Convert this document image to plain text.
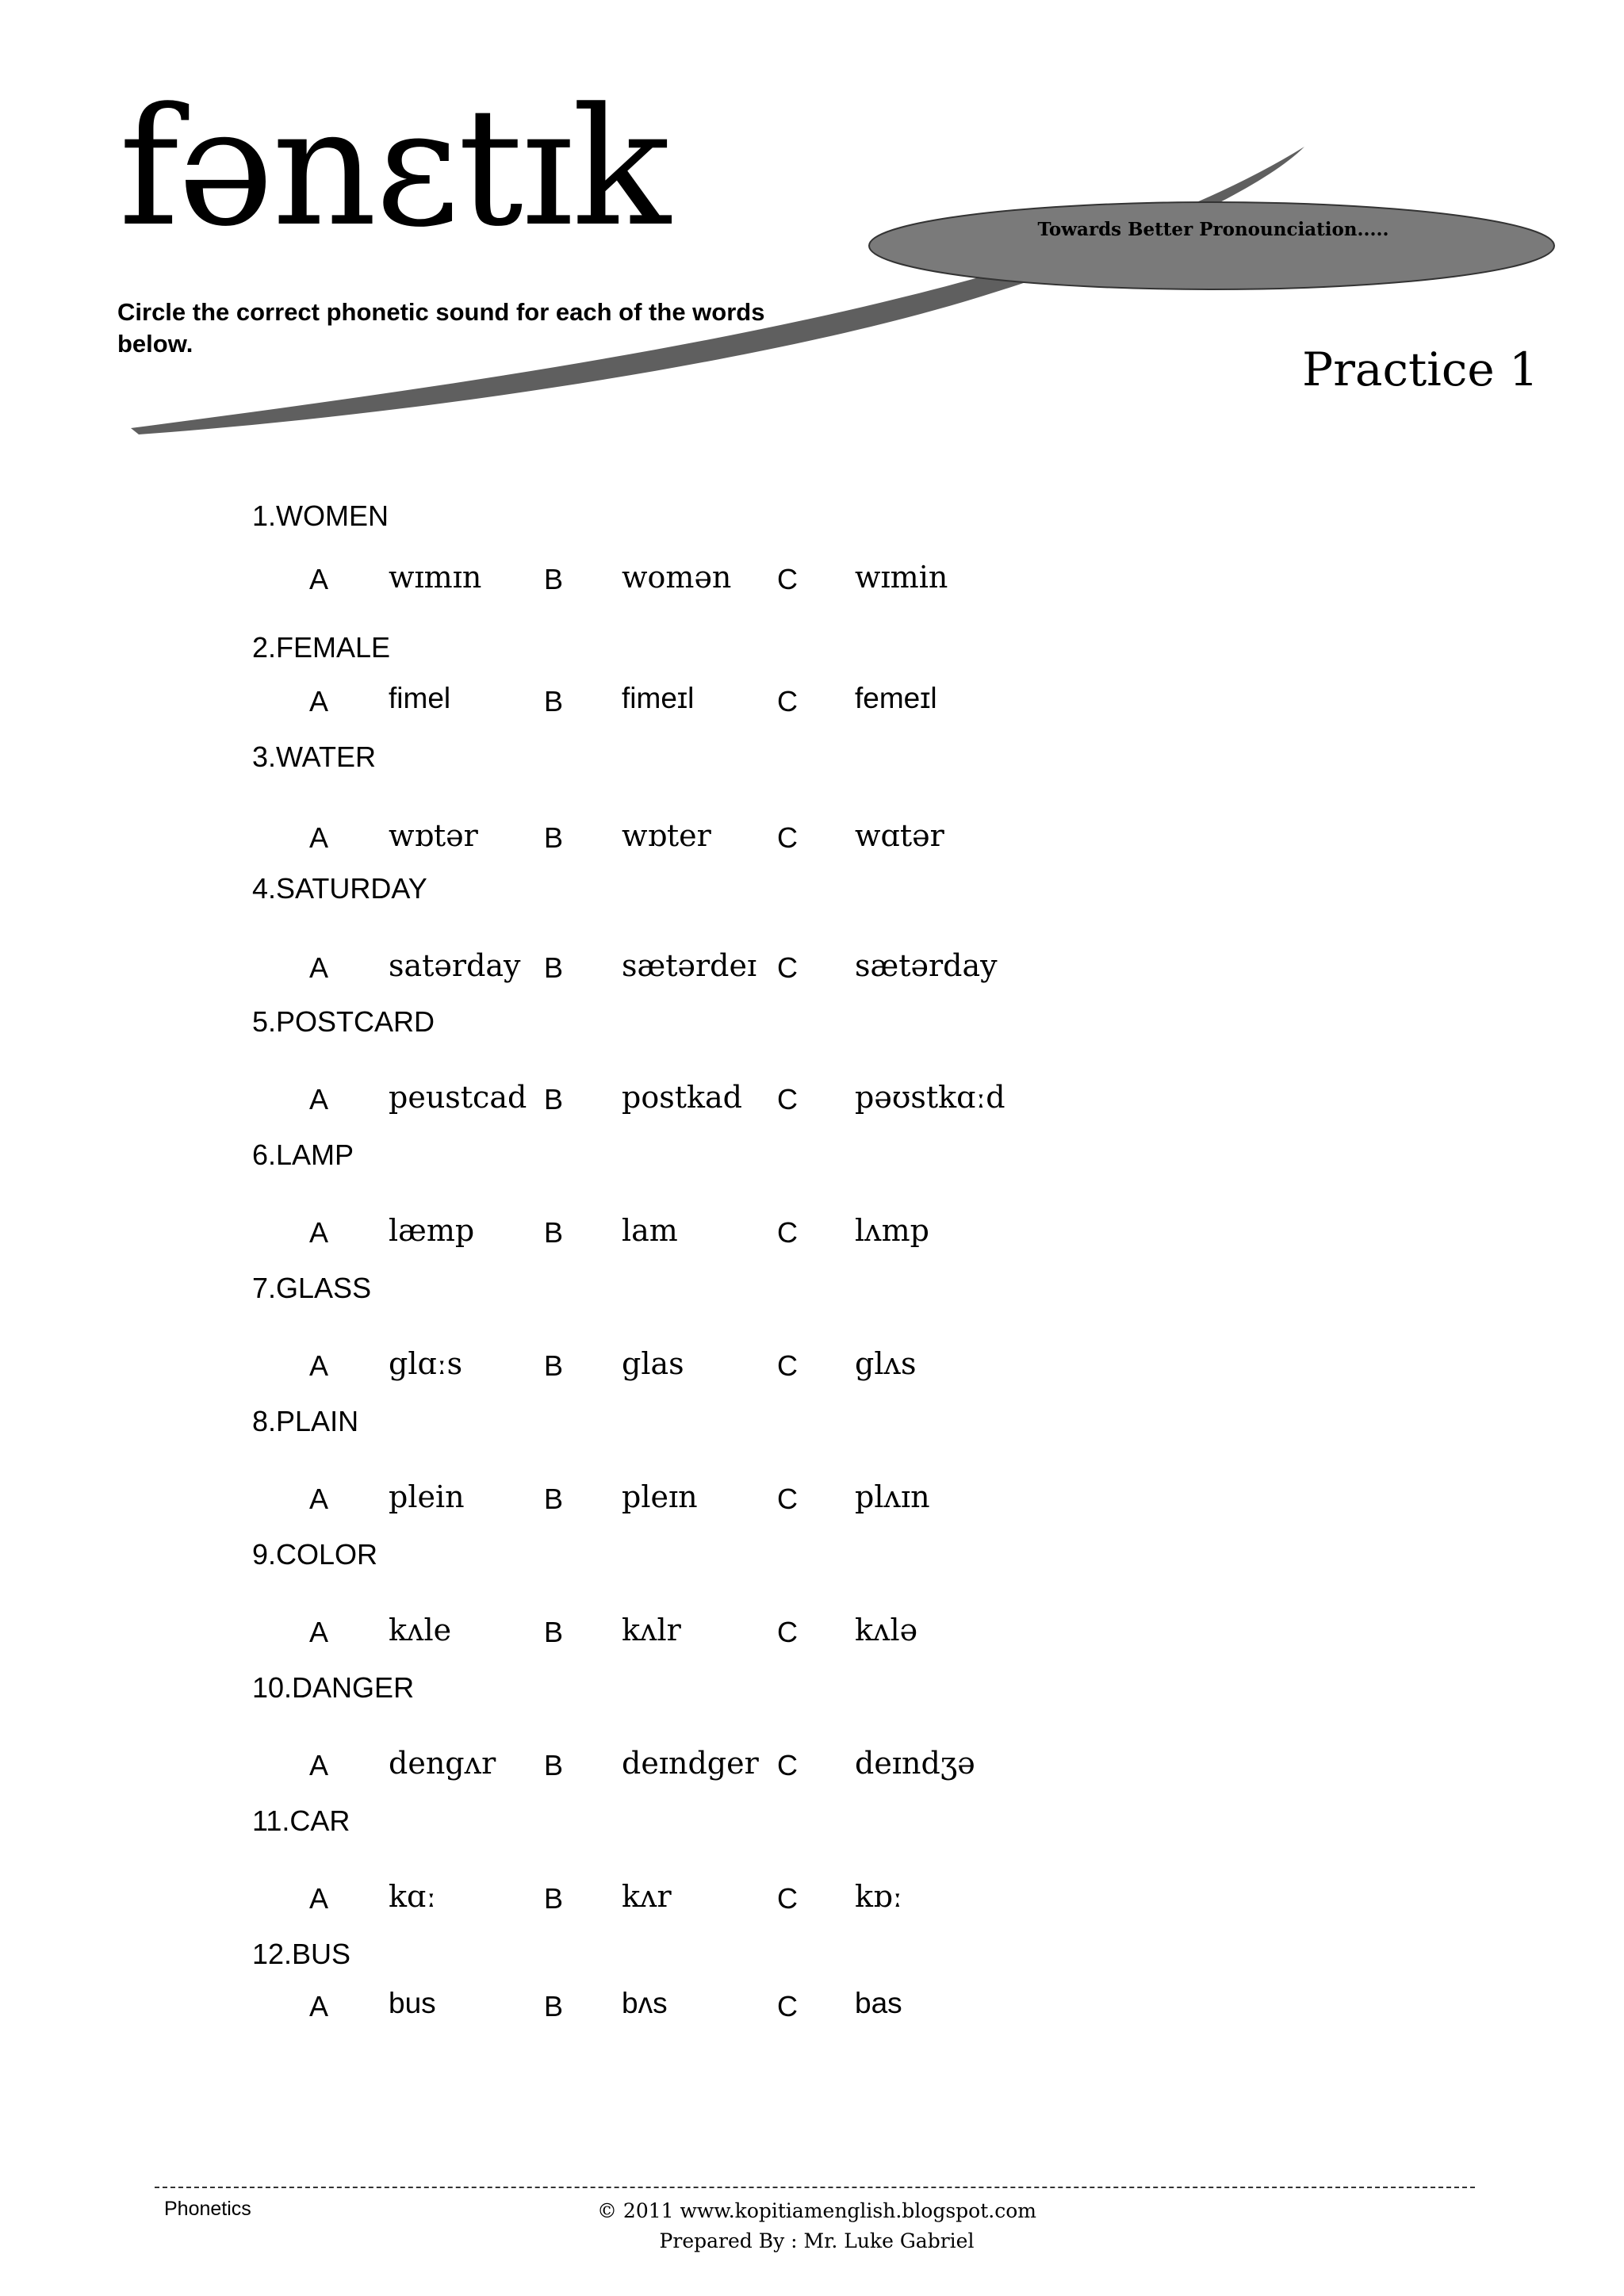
fənɛtɪk	Towards Better Pronounciation.....
Circle the correct phonetic sound for each of the words below.	Practice 1
1.WOMEN
A wɪmɪn B womən C wɪmin
2.FEMALE
A fimel	B fimeɪl	C femeɪl
3.WATER
A wɒtər B wɒter C wɑtər
4.SATURDAY
A satərday B sætərdeɪ C sætərday
5.POSTCARD
A peustcad B postkad C pəʊstkɑːd
6.LAMP
A læmp B lam	C lʌmp
7.GLASS
A glɑːs	B glas	C glʌs
8.PLAIN
A plein	B pleɪn	C plʌɪn
9.COLOR
A kʌle	B kʌlr	C kʌlə
10.DANGER
A dengʌr B deɪndger C deɪndʒə
11.CAR
A kɑː	B kʌr	C kɒː
12.BUS
A bus	B bʌs	C bas
Phonetics	© 2011 www.kopitiamenglish.blogspot.com
Prepared By : Mr. Luke Gabriel
